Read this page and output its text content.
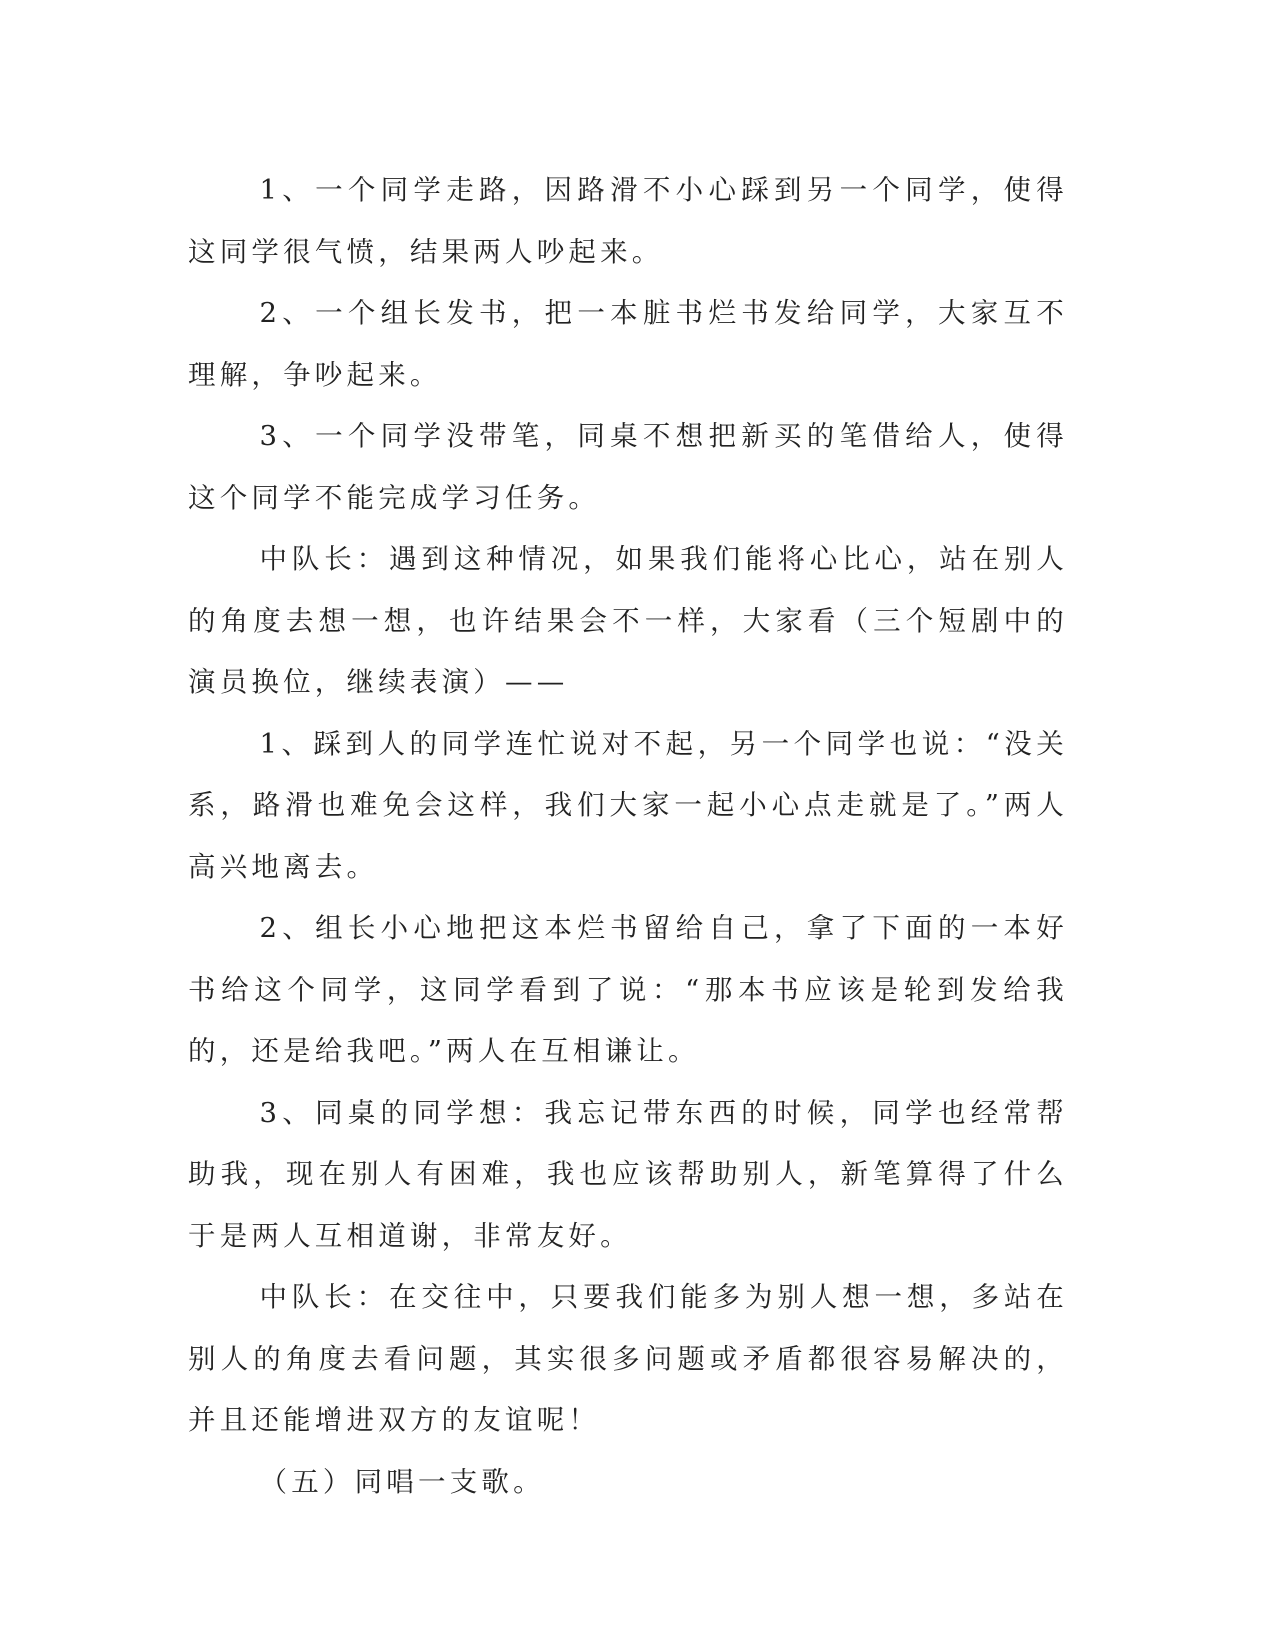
1、一个同学走路，因路滑不小心踩到另一个同学，使得这同学很气愤，结果两人吵起来。

2、一个组长发书，把一本脏书烂书发给同学，大家互不理解，争吵起来。

3、一个同学没带笔，同桌不想把新买的笔借给人，使得这个同学不能完成学习任务。

中队长：遇到这种情况，如果我们能将心比心，站在别人的角度去想一想，也许结果会不一样，大家看（三个短剧中的演员换位，继续表演）——

1、踩到人的同学连忙说对不起，另一个同学也说：“没关系，路滑也难免会这样，我们大家一起小心点走就是了。”两人高兴地离去。

2、组长小心地把这本烂书留给自己，拿了下面的一本好书给这个同学，这同学看到了说：“那本书应该是轮到发给我的，还是给我吧。”两人在互相谦让。

3、同桌的同学想：我忘记带东西的时候，同学也经常帮助我，现在别人有困难，我也应该帮助别人，新笔算得了什么于是两人互相道谢，非常友好。

中队长：在交往中，只要我们能多为别人想一想，多站在别人的角度去看问题，其实很多问题或矛盾都很容易解决的，并且还能增进双方的友谊呢！

（五）同唱一支歌。
